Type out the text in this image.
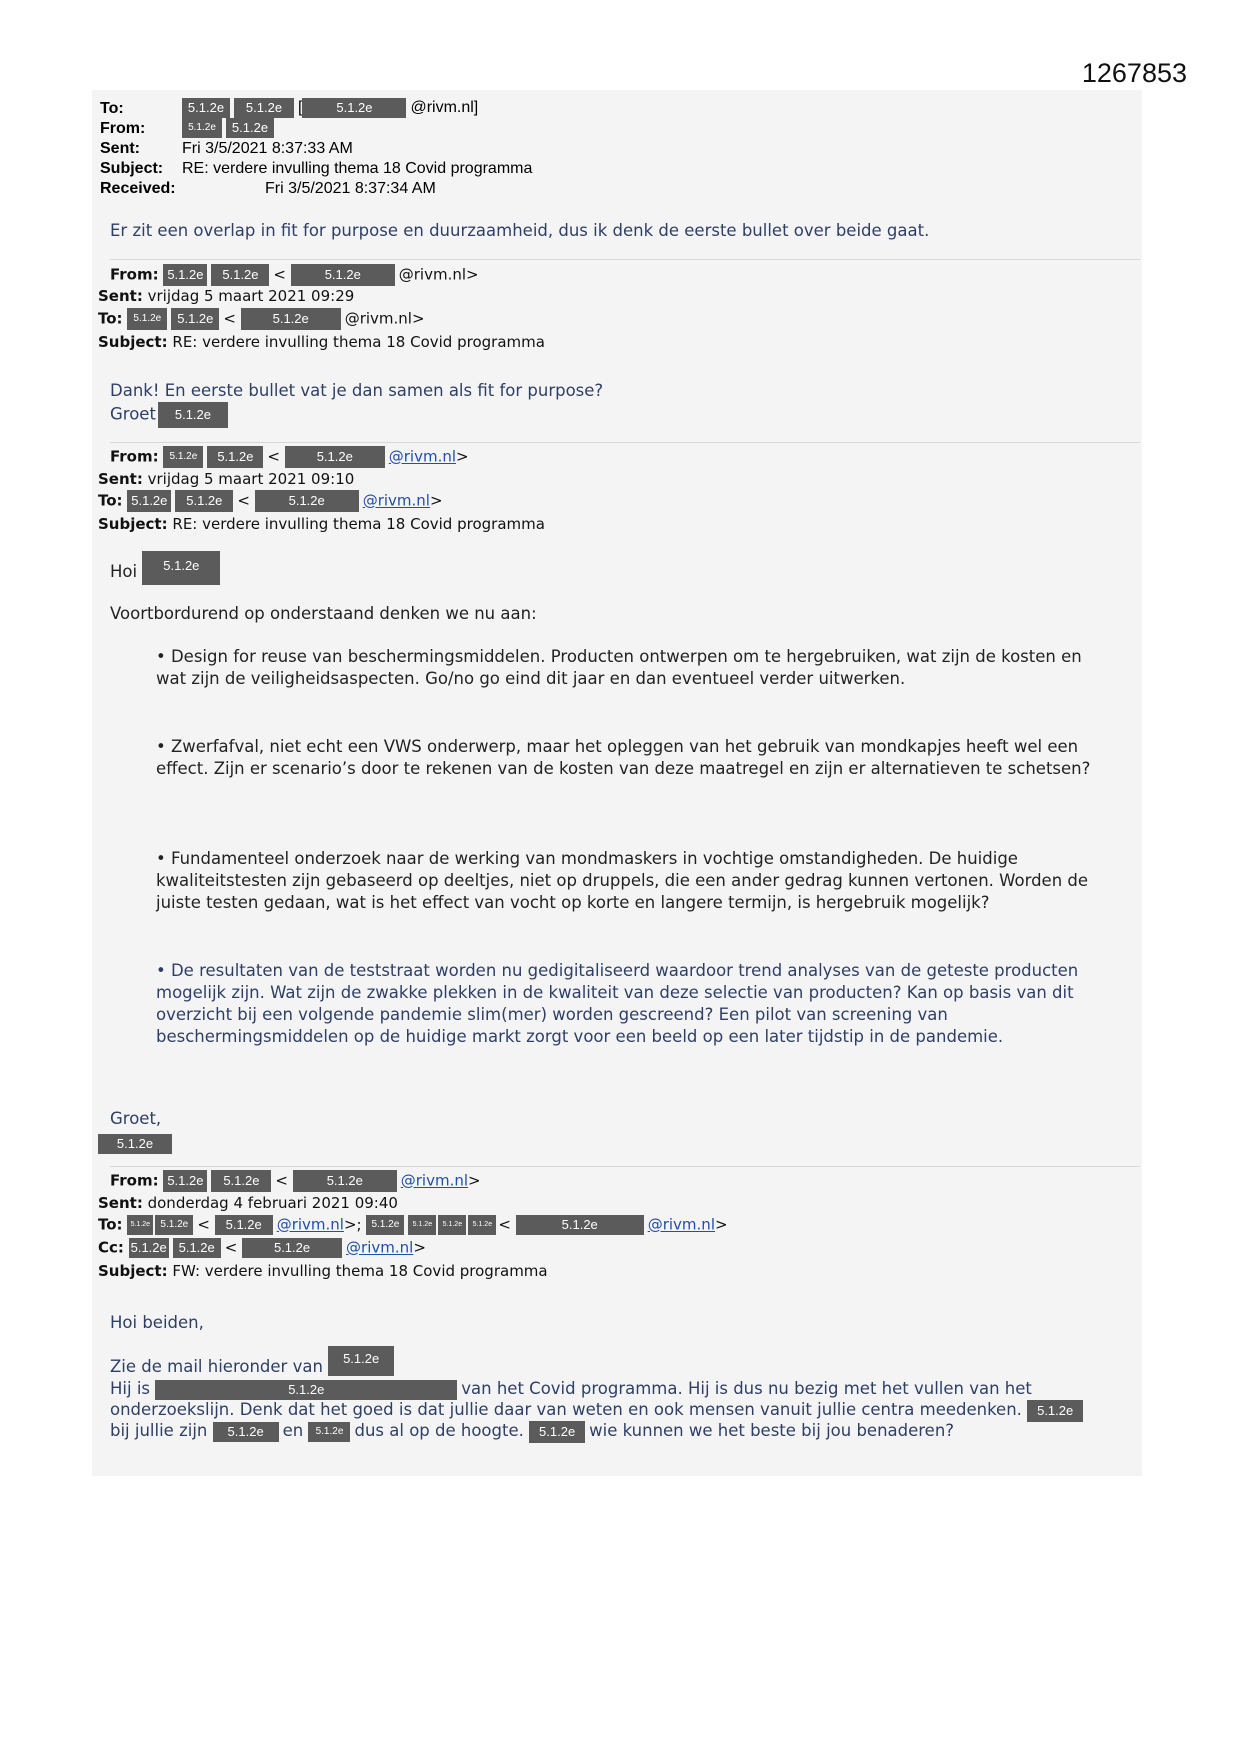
1267853
To:	5.1.2e 5.1.2e [	5.1.2e @rivm.nl]
From:	5.1.2e 5.1.2e
Sent:	Fri 3/5/2021 8:37:33 AM
Subject: RE: verdere invulling thema 18 Covid programma
Received:	Fri 3/5/2021 8:37:34 AM
Er zit een overlap in fit for purpose en duurzaamheid, dus ik denk de eerste bullet over beide gaat.
From: 5.1.2e 5.1.2e <	5.1.2e	@rivm.nl>
Sent: vrijdag 5 maart 2021 09:29
To: 5.1.2e 5.1.2e <	5.1.2e @rivm.nl>
Subject: RE: verdere invulling thema 18 Covid programma
Dank! En eerste bullet vat je dan samen als fit for purpose?
Groet 5.1.2e
From: 5.1.2e 5.1.2e <	5.1.2e @rivm.nl>
Sent: vrijdag 5 maart 2021 09:10
To: 5.1.2e 5.1.2e <	5.1.2e	@rivm.nl>
Subject: RE: verdere invulling thema 18 Covid programma
Hoi 5.1.2e
Voortbordurend op onderstaand denken we nu aan:
• Design for reuse van beschermingsmiddelen. Producten ontwerpen om te hergebruiken, wat zijn de kosten en wat zijn de veiligheidsaspecten. Go/no go eind dit jaar en dan eventueel verder uitwerken.
• Zwerfafval, niet echt een VWS onderwerp, maar het opleggen van het gebruik van mondkapjes heeft wel een effect. Zijn er scenario’s door te rekenen van de kosten van deze maatregel en zijn er alternatieven te schetsen?
• Fundamenteel onderzoek naar de werking van mondmaskers in vochtige omstandigheden. De huidige kwaliteitstesten zijn gebaseerd op deeltjes, niet op druppels, die een ander gedrag kunnen vertonen. Worden de juiste testen gedaan, wat is het effect van vocht op korte en langere termijn, is hergebruik mogelijk?
• De resultaten van de teststraat worden nu gedigitaliseerd waardoor trend analyses van de geteste producten mogelijk zijn. Wat zijn de zwakke plekken in de kwaliteit van deze selectie van producten? Kan op basis van dit overzicht bij een volgende pandemie slim(mer) worden gescreend? Een pilot van screening van beschermingsmiddelen op de huidige markt zorgt voor een beeld op een later tijdstip in de pandemie.
Groet,
5.1.2e
From: 5.1.2e 5.1.2e <	5.1.2e	@rivm.nl>
Sent: donderdag 4 februari 2021 09:40
To: 5.1.2e 5.1.2e < 5.1.2e @rivm.nl>; 5.1.2e 5.1.2e 5.1.2e 5.1.2e <	5.1.2e	@rivm.nl>
Cc: 5.1.2e 5.1.2e <	5.1.2e @rivm.nl>
Subject: FW: verdere invulling thema 18 Covid programma
Hoi beiden,
Zie de mail hieronder van 5.1.2e
Hij is	5.1.2e	van het Covid programma. Hij is dus nu bezig met het vullen van het
onderzoekslijn. Denk dat het goed is dat jullie daar van weten en ook mensen vanuit jullie centra meedenken. 5.1.2e
bij jullie zijn 5.1.2e en 5.1.2e dus al op de hoogte. 5.1.2e wie kunnen we het beste bij jou benaderen?
